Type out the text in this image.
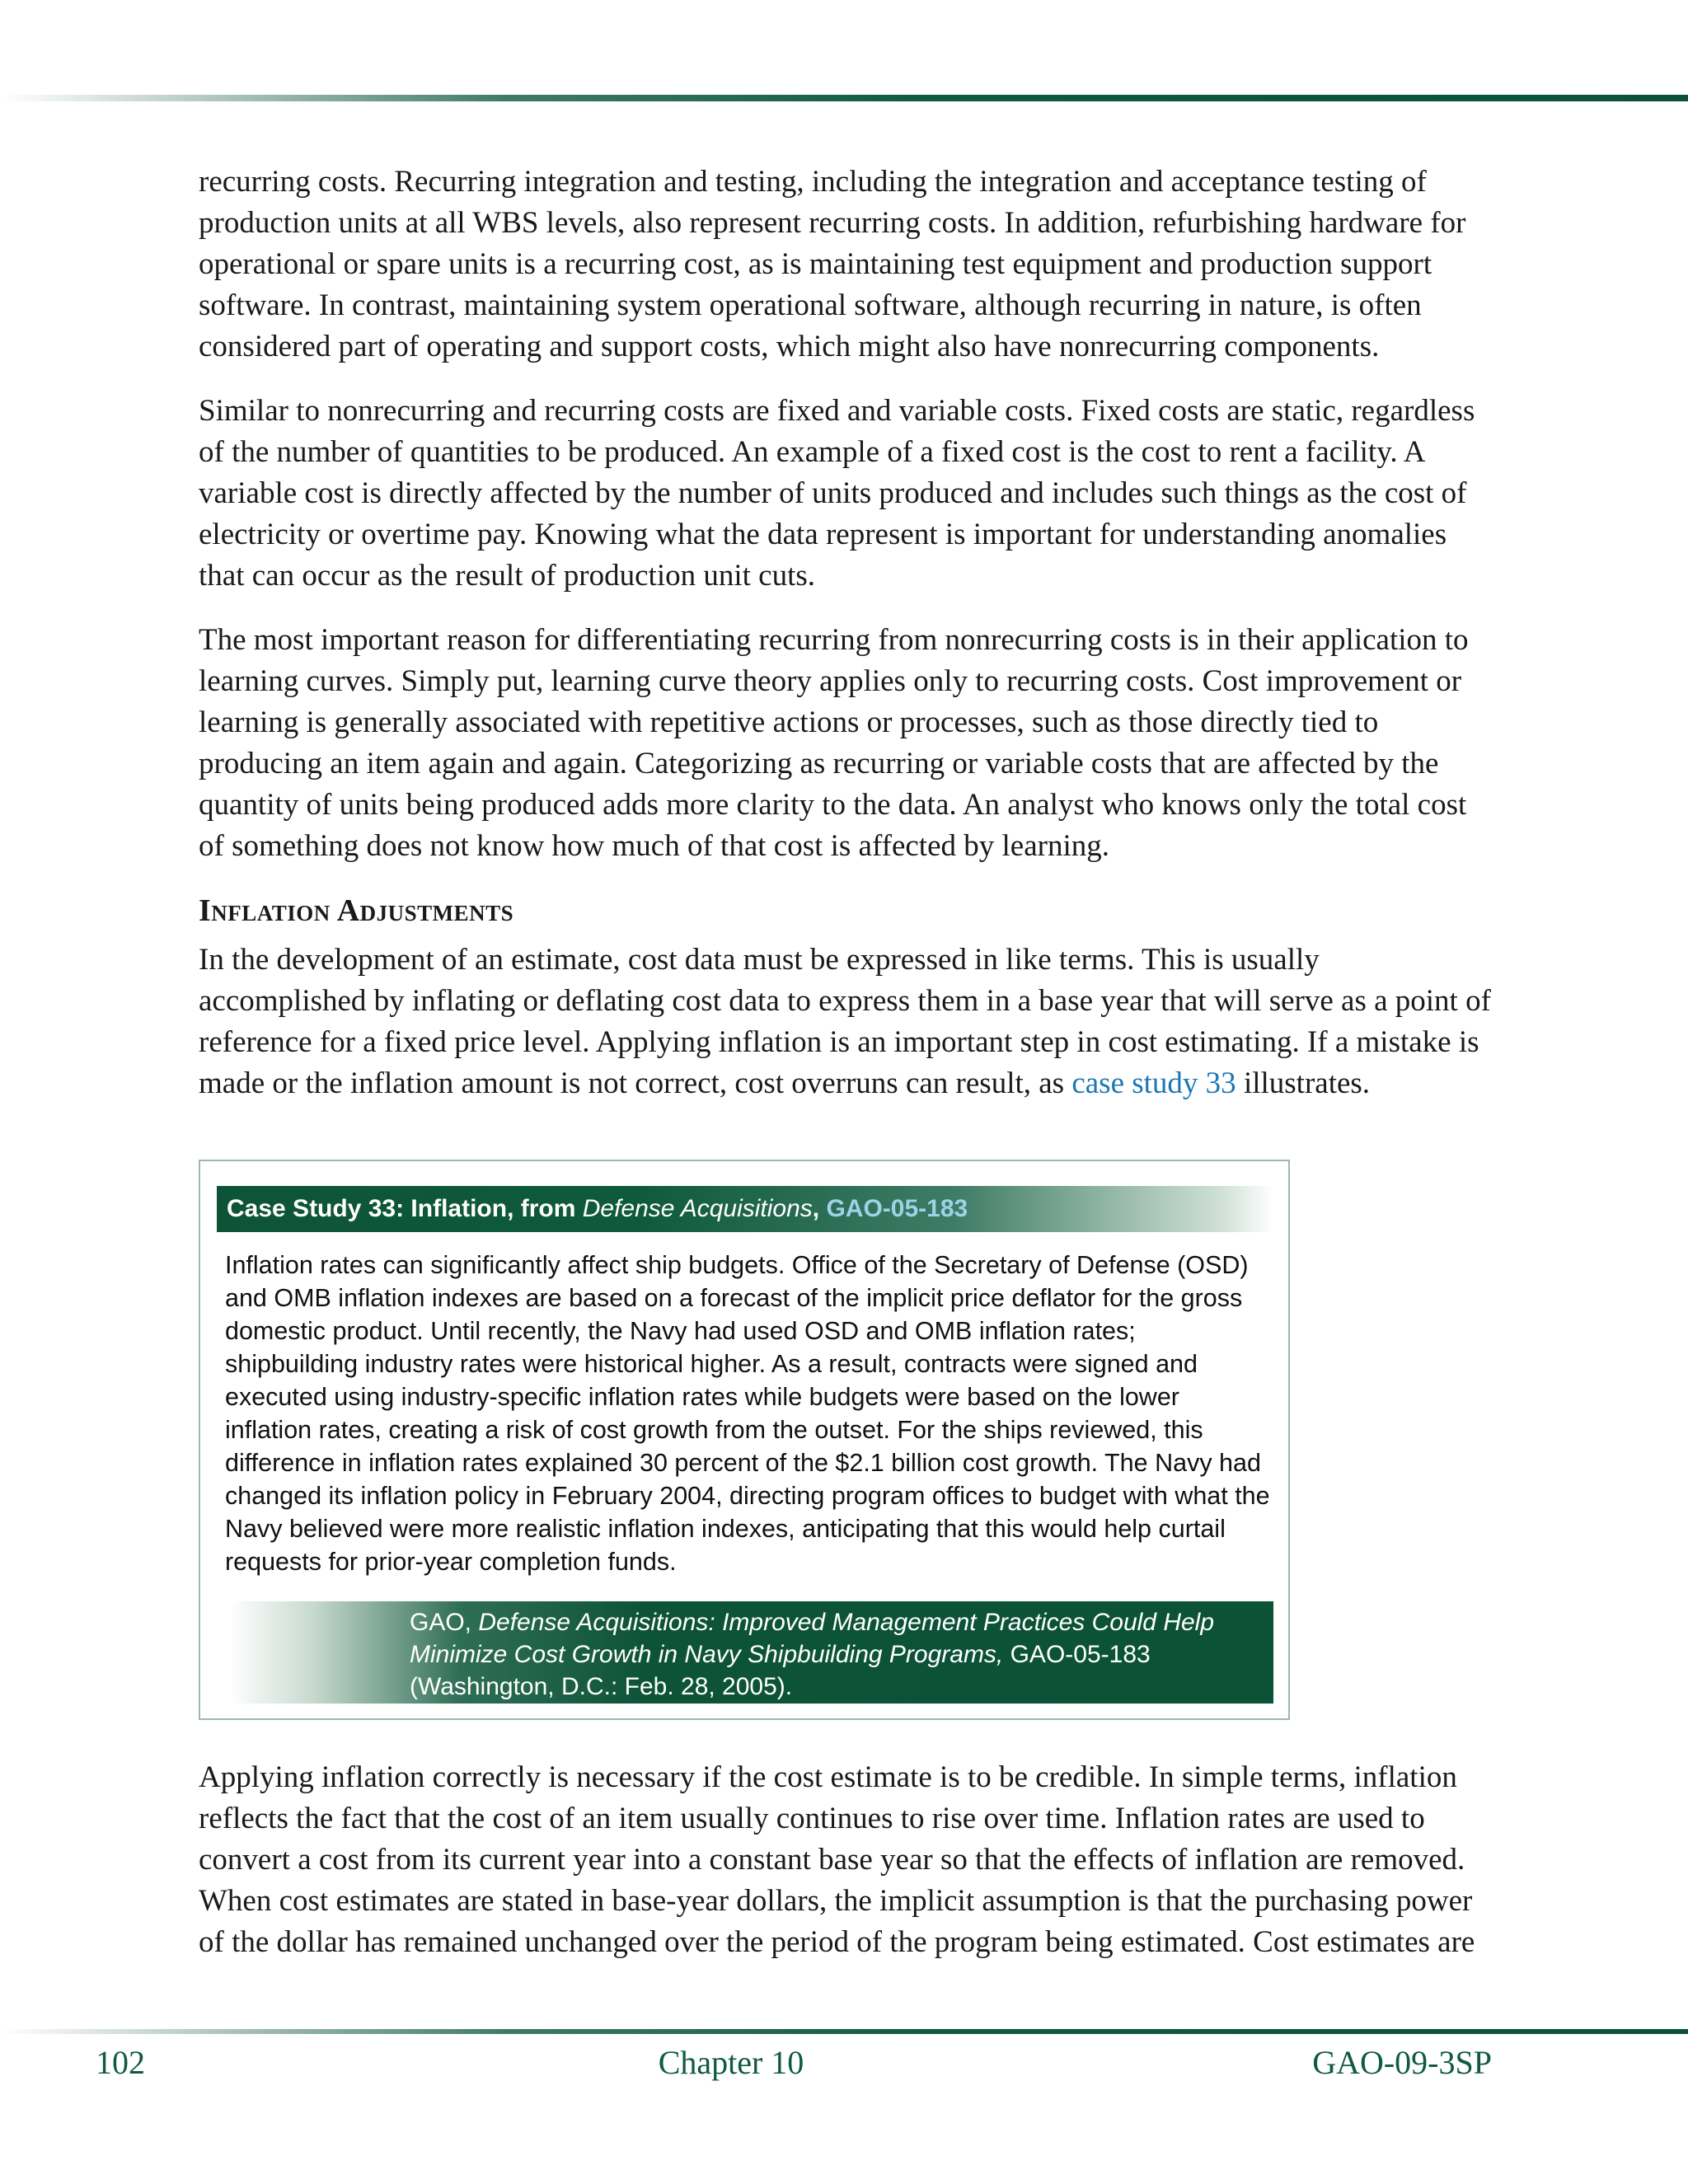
recurring costs. Recurring integration and testing, including the integration and acceptance testing of production units at all WBS levels, also represent recurring costs. In addition, refurbishing hardware for operational or spare units is a recurring cost, as is maintaining test equipment and production support software. In contrast, maintaining system operational software, although recurring in nature, is often considered part of operating and support costs, which might also have nonrecurring components.

Similar to nonrecurring and recurring costs are fixed and variable costs. Fixed costs are static, regardless of the number of quantities to be produced. An example of a fixed cost is the cost to rent a facility. A variable cost is directly affected by the number of units produced and includes such things as the cost of electricity or overtime pay. Knowing what the data represent is important for understanding anomalies that can occur as the result of production unit cuts.

The most important reason for differentiating recurring from nonrecurring costs is in their application to learning curves. Simply put, learning curve theory applies only to recurring costs. Cost improvement or learning is generally associated with repetitive actions or processes, such as those directly tied to producing an item again and again. Categorizing as recurring or variable costs that are affected by the quantity of units being produced adds more clarity to the data. An analyst who knows only the total cost of something does not know how much of that cost is affected by learning.

Inflation Adjustments

In the development of an estimate, cost data must be expressed in like terms. This is usually accomplished by inflating or deflating cost data to express them in a base year that will serve as a point of reference for a fixed price level. Applying inflation is an important step in cost estimating. If a mistake is made or the inflation amount is not correct, cost overruns can result, as case study 33 illustrates.

Case Study 33: Inflation, from Defense Acquisitions, GAO-05-183

Inflation rates can significantly affect ship budgets. Office of the Secretary of Defense (OSD) and OMB inflation indexes are based on a forecast of the implicit price deflator for the gross domestic product. Until recently, the Navy had used OSD and OMB inflation rates; shipbuilding industry rates were historical higher. As a result, contracts were signed and executed using industry-specific inflation rates while budgets were based on the lower inflation rates, creating a risk of cost growth from the outset. For the ships reviewed, this difference in inflation rates explained 30 percent of the $2.1 billion cost growth. The Navy had changed its inflation policy in February 2004, directing program offices to budget with what the Navy believed were more realistic inflation indexes, anticipating that this would help curtail requests for prior-year completion funds.

GAO, Defense Acquisitions: Improved Management Practices Could Help Minimize Cost Growth in Navy Shipbuilding Programs, GAO-05-183 (Washington, D.C.: Feb. 28, 2005).

Applying inflation correctly is necessary if the cost estimate is to be credible. In simple terms, inflation reflects the fact that the cost of an item usually continues to rise over time. Inflation rates are used to convert a cost from its current year into a constant base year so that the effects of inflation are removed. When cost estimates are stated in base-year dollars, the implicit assumption is that the purchasing power of the dollar has remained unchanged over the period of the program being estimated. Cost estimates are

102	Chapter 10	GAO-09-3SP
